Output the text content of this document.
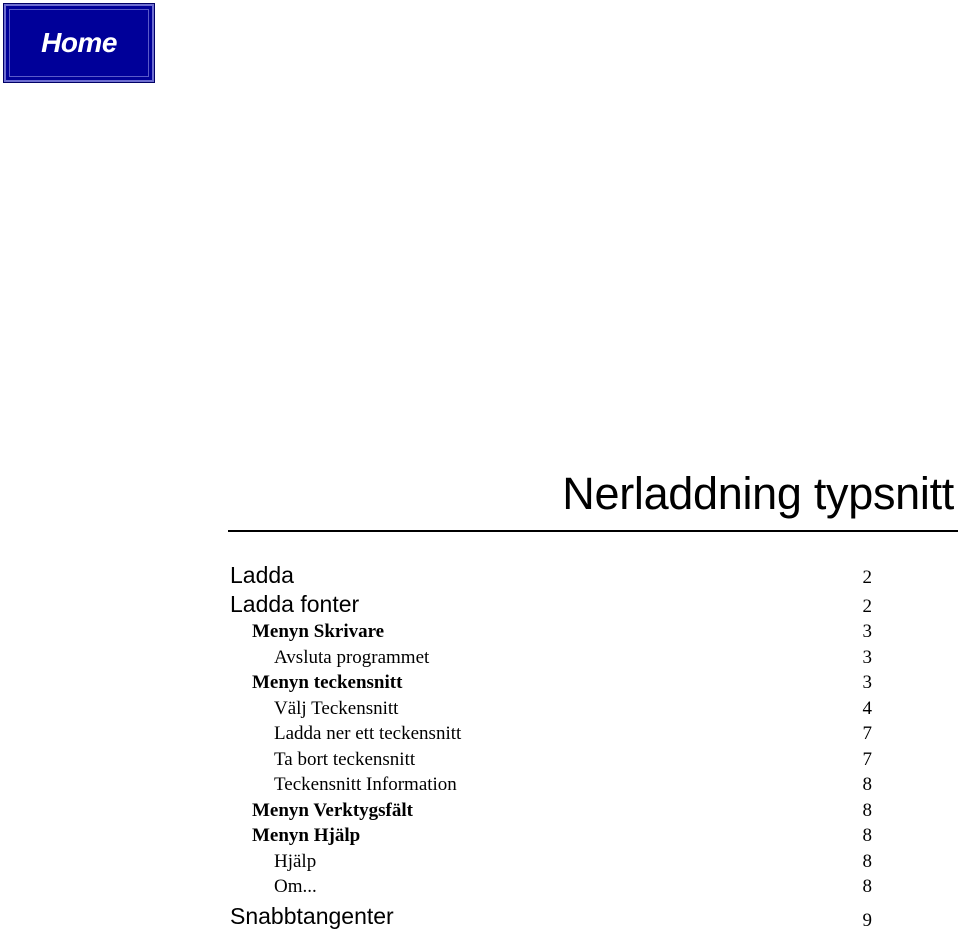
Home
Nerladdning typsnitt
Ladda	2
Ladda fonter	2
Menyn Skrivare	3
Avsluta programmet	3
Menyn teckensnitt	3
Välj Teckensnitt	4
Ladda ner ett teckensnitt	7
Ta bort teckensnitt	7
Teckensnitt Information	8
Menyn Verktygsfält	8
Menyn Hjälp	8
Hjälp	8
Om...	8
Snabbtangenter	9
